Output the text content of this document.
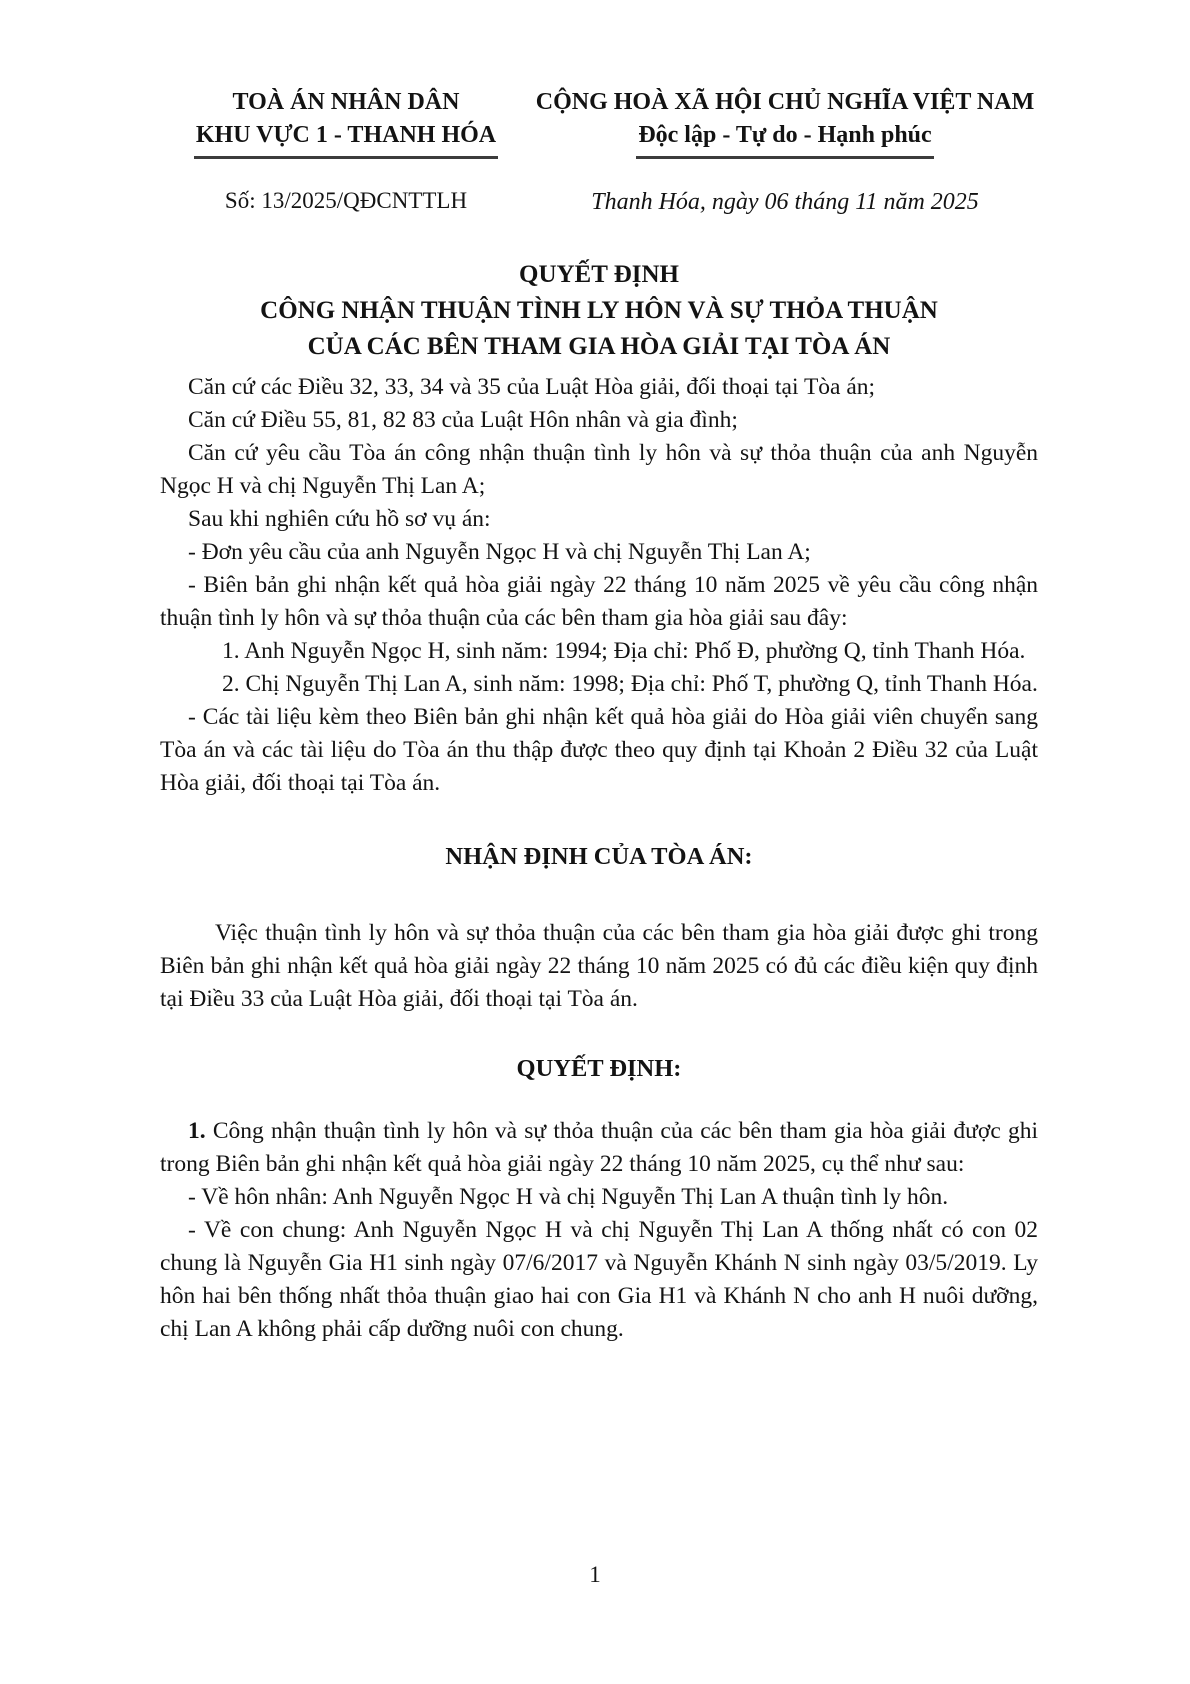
TOÀ ÁN NHÂN DÂN
KHU VỰC 1 - THANH HÓA
Số: 13/2025/QĐCNTTLH
CỘNG HOÀ XÃ HỘI CHỦ NGHĨA VIỆT NAM
Độc lập - Tự do - Hạnh phúc
Thanh Hóa, ngày 06 tháng 11 năm 2025
QUYẾT ĐỊNH
CÔNG NHẬN THUẬN TÌNH LY HÔN VÀ SỰ THỎA THUẬN
CỦA CÁC BÊN THAM GIA HÒA GIẢI TẠI TÒA ÁN

Căn cứ các Điều 32, 33, 34 và 35 của Luật Hòa giải, đối thoại tại Tòa án;

Căn cứ Điều 55, 81, 82 83 của Luật Hôn nhân và gia đình;

Căn cứ yêu cầu Tòa án công nhận thuận tình ly hôn và sự thỏa thuận của anh Nguyễn Ngọc H và chị Nguyễn Thị Lan A;

Sau khi nghiên cứu hồ sơ vụ án:

- Đơn yêu cầu của anh Nguyễn Ngọc H và chị Nguyễn Thị Lan A;

- Biên bản ghi nhận kết quả hòa giải ngày 22 tháng 10 năm 2025 về yêu cầu công nhận thuận tình ly hôn và sự thỏa thuận của các bên tham gia hòa giải sau đây:

1. Anh Nguyễn Ngọc H, sinh năm: 1994; Địa chỉ: Phố Đ, phường Q, tỉnh Thanh Hóa.

2. Chị Nguyễn Thị Lan A, sinh năm: 1998; Địa chỉ: Phố T, phường Q, tỉnh Thanh Hóa.

- Các tài liệu kèm theo Biên bản ghi nhận kết quả hòa giải do Hòa giải viên chuyển sang Tòa án và các tài liệu do Tòa án thu thập được theo quy định tại Khoản 2 Điều 32 của Luật Hòa giải, đối thoại tại Tòa án.

NHẬN ĐỊNH CỦA TÒA ÁN:

Việc thuận tình ly hôn và sự thỏa thuận của các bên tham gia hòa giải được ghi trong Biên bản ghi nhận kết quả hòa giải ngày 22 tháng 10 năm 2025 có đủ các điều kiện quy định tại Điều 33 của Luật Hòa giải, đối thoại tại Tòa án.

QUYẾT ĐỊNH:

1. Công nhận thuận tình ly hôn và sự thỏa thuận của các bên tham gia hòa giải được ghi trong Biên bản ghi nhận kết quả hòa giải ngày 22 tháng 10 năm 2025, cụ thể như sau:

- Về hôn nhân: Anh Nguyễn Ngọc H và chị Nguyễn Thị Lan A thuận tình ly hôn.

- Về con chung: Anh Nguyễn Ngọc H và chị Nguyễn Thị Lan A thống nhất có con 02 chung là Nguyễn Gia H1 sinh ngày 07/6/2017 và Nguyễn Khánh N sinh ngày 03/5/2019. Ly hôn hai bên thống nhất thỏa thuận giao hai con Gia H1 và Khánh N cho anh H nuôi dưỡng, chị Lan A không phải cấp dưỡng nuôi con chung.

1
